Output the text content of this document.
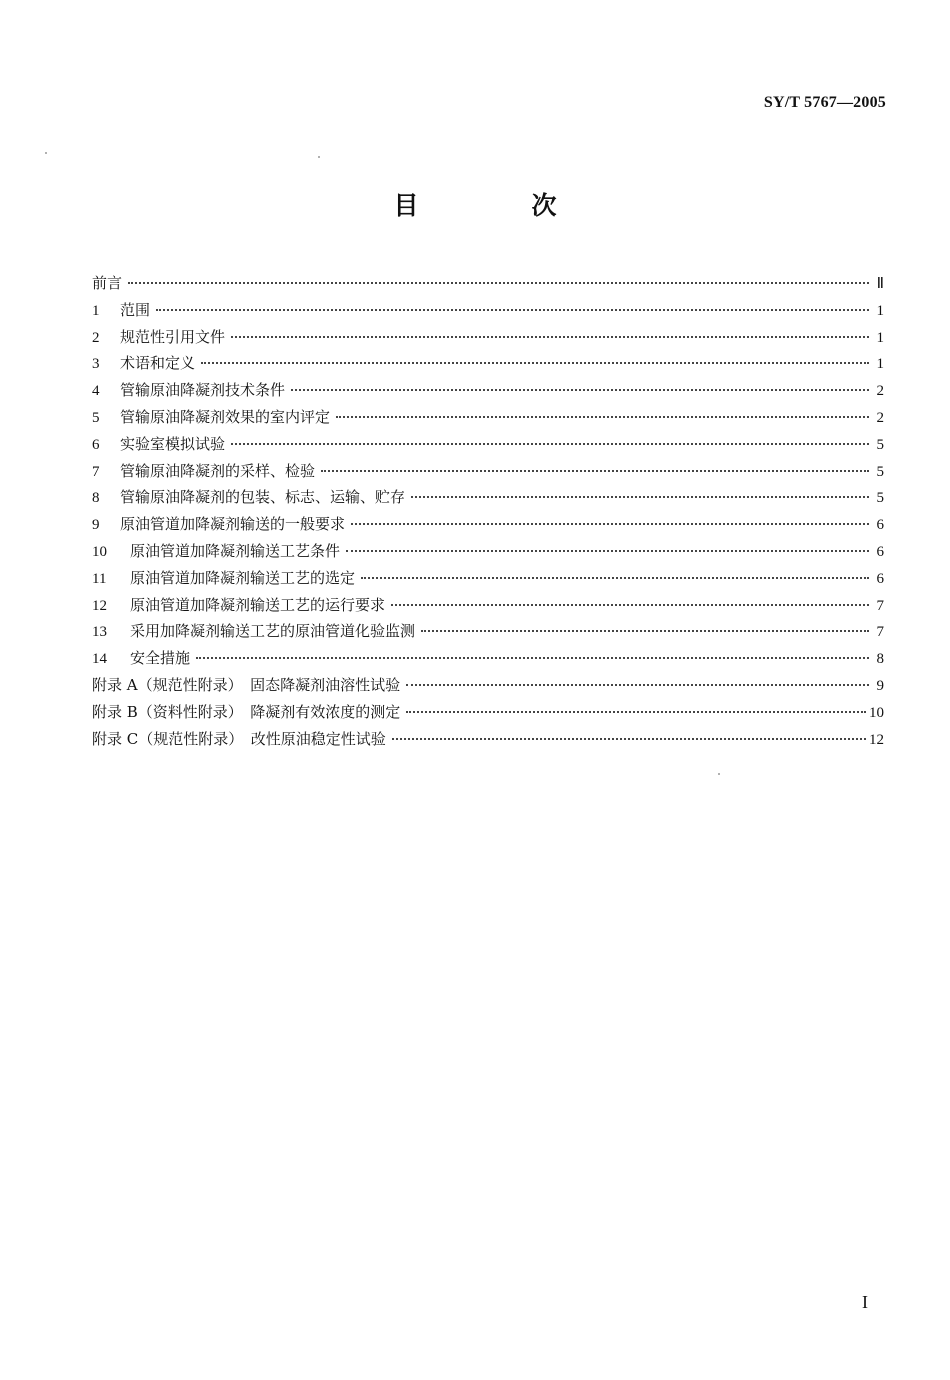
SY/T 5767—2005
目　次
前言	Ⅱ
1 范围	1
2 规范性引用文件	1
3 术语和定义	1
4 管输原油降凝剂技术条件	2
5 管输原油降凝剂效果的室内评定	2
6 实验室模拟试验	5
7 管输原油降凝剂的采样、检验	5
8 管输原油降凝剂的包装、标志、运输、贮存	5
9 原油管道加降凝剂输送的一般要求	6
10 原油管道加降凝剂输送工艺条件	6
11 原油管道加降凝剂输送工艺的选定	6
12 原油管道加降凝剂输送工艺的运行要求	7
13 采用加降凝剂输送工艺的原油管道化验监测	7
14 安全措施	8
附录 A（规范性附录）　固态降凝剂油溶性试验	9
附录 B（资料性附录）　降凝剂有效浓度的测定	10
附录 C（规范性附录）　改性原油稳定性试验	12
I
